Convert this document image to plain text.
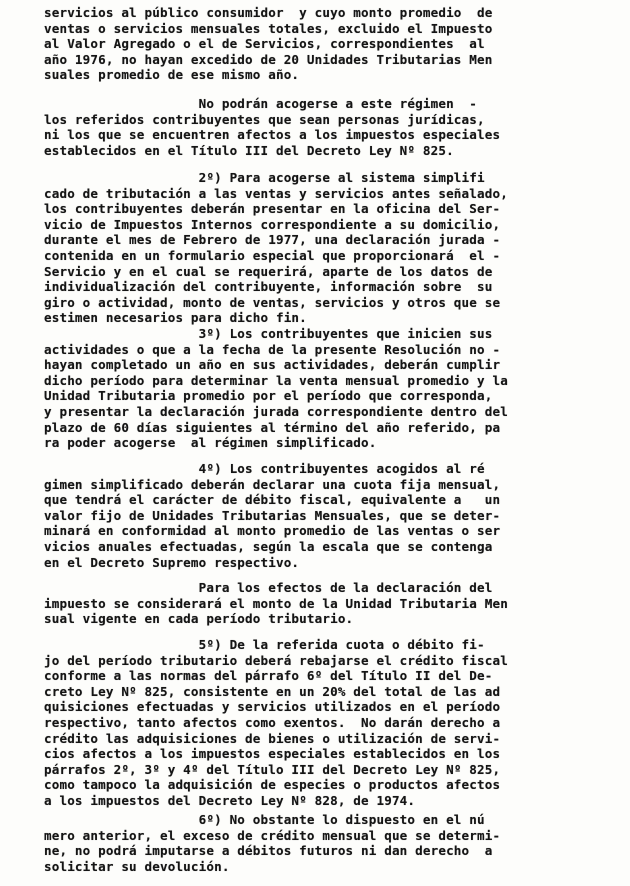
servicios al público consumidor  y cuyo monto promedio  de
ventas o servicios mensuales totales, excluido el Impuesto
al Valor Agregado o el de Servicios, correspondientes  al
año 1976, no hayan excedido de 20 Unidades Tributarias Men
suales promedio de ese mismo año.
No podrán acogerse a este régimen  -
los referidos contribuyentes que sean personas jurídicas,
ni los que se encuentren afectos a los impuestos especiales
establecidos en el Título III del Decreto Ley Nº 825.
2º) Para acogerse al sistema simplifi
cado de tributación a las ventas y servicios antes señalado,
los contribuyentes deberán presentar en la oficina del Ser-
vicio de Impuestos Internos correspondiente a su domicilio,
durante el mes de Febrero de 1977, una declaración jurada -
contenida en un formulario especial que proporcionará  el -
Servicio y en el cual se requerirá, aparte de los datos de
individualización del contribuyente, información sobre  su
giro o actividad, monto de ventas, servicios y otros que se
estimen necesarios para dicho fin.
3º) Los contribuyentes que inicien sus
actividades o que a la fecha de la presente Resolución no -
hayan completado un año en sus actividades, deberán cumplir
dicho período para determinar la venta mensual promedio y la
Unidad Tributaria promedio por el período que corresponda,
y presentar la declaración jurada correspondiente dentro del
plazo de 60 días siguientes al término del año referido, pa
ra poder acogerse  al régimen simplificado.
4º) Los contribuyentes acogidos al ré
gimen simplificado deberán declarar una cuota fija mensual,
que tendrá el carácter de débito fiscal, equivalente a   un
valor fijo de Unidades Tributarias Mensuales, que se deter-
minará en conformidad al monto promedio de las ventas o ser
vicios anuales efectuadas, según la escala que se contenga
en el Decreto Supremo respectivo.
Para los efectos de la declaración del
impuesto se considerará el monto de la Unidad Tributaria Men
sual vigente en cada período tributario.
5º) De la referida cuota o débito fi-
jo del período tributario deberá rebajarse el crédito fiscal
conforme a las normas del párrafo 6º del Título II del De-
creto Ley Nº 825, consistente en un 20% del total de las ad
quisiciones efectuadas y servicios utilizados en el período
respectivo, tanto afectos como exentos.  No darán derecho a
crédito las adquisiciones de bienes o utilización de servi-
cios afectos a los impuestos especiales establecidos en los
párrafos 2º, 3º y 4º del Título III del Decreto Ley Nº 825,
como tampoco la adquisición de especies o productos afectos
a los impuestos del Decreto Ley Nº 828, de 1974.
6º) No obstante lo dispuesto en el nú
mero anterior, el exceso de crédito mensual que se determi-
ne, no podrá imputarse a débitos futuros ni dan derecho  a
solicitar su devolución.
